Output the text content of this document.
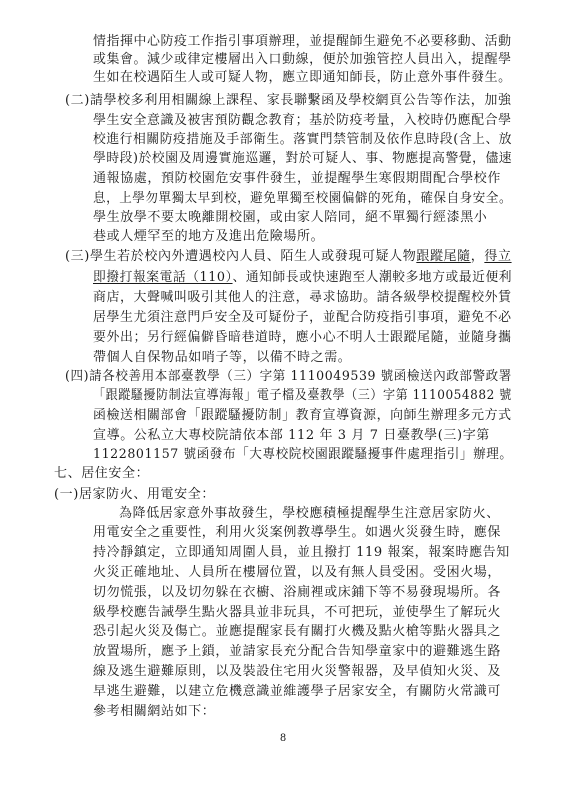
情指揮中心防疫工作指引事項辦理，並提醒師生避免不必要移動、活動
或集會。減少或律定樓層出入口動線，便於加強管控人員出入，提醒學
生如在校遇陌生人或可疑人物，應立即通知師長，防止意外事件發生。
(二)請學校多利用相關線上課程、家長聯繫函及學校網頁公告等作法，加強
學生安全意識及被害預防觀念教育；基於防疫考量，入校時仍應配合學
校進行相關防疫措施及手部衛生。落實門禁管制及依作息時段(含上、放
學時段)於校園及周邊實施巡邏，對於可疑人、事、物應提高警覺，儘速
通報協處，預防校園危安事件發生，並提醒學生寒假期間配合學校作
息，上學勿單獨太早到校，避免單獨至校園偏僻的死角，確保自身安全。
學生放學不要太晚離開校園，或由家人陪同，絕不單獨行經漆黑小
巷或人煙罕至的地方及進出危險場所。
(三)學生若於校內外遭遇校內人員、陌生人或發現可疑人物跟蹤尾隨，得立
即撥打報案電話（110）、通知師長或快速跑至人潮較多地方或最近便利
商店，大聲喊叫吸引其他人的注意，尋求協助。請各級學校提醒校外賃
居學生尤須注意門戶安全及可疑份子，並配合防疫指引事項，避免不必
要外出；另行經偏僻昏暗巷道時，應小心不明人士跟蹤尾隨，並隨身攜
帶個人自保物品如哨子等，以備不時之需。
(四)請各校善用本部臺教學（三）字第 1110049539 號函檢送內政部警政署
「跟蹤騷擾防制法宣導海報」電子檔及臺教學（三）字第 1110054882 號
函檢送相關部會「跟蹤騷擾防制」教育宣導資源，向師生辦理多元方式
宣導。公私立大專校院請依本部 112 年 3 月 7 日臺教學(三)字第
1122801157 號函發布「大專校院校園跟蹤騷擾事件處理指引」辦理。
七、居住安全：
(一)居家防火、用電安全：
為降低居家意外事故發生，學校應積極提醒學生注意居家防火、
用電安全之重要性，利用火災案例教導學生。如遇火災發生時，應保
持冷靜鎮定，立即通知周圍人員，並且撥打 119 報案，報案時應告知
火災正確地址、人員所在樓層位置，以及有無人員受困。受困火場，
切勿慌張，以及切勿躲在衣櫥、浴廁裡或床鋪下等不易發現場所。各
級學校應告誡學生點火器具並非玩具，不可把玩，並使學生了解玩火
恐引起火災及傷亡。並應提醒家長有關打火機及點火槍等點火器具之
放置場所，應予上鎖，並請家長充分配合告知學童家中的避難逃生路
線及逃生避難原則，以及裝設住宅用火災警報器，及早偵知火災、及
早逃生避難，以建立危機意識並維護學子居家安全，有關防火常識可
參考相關網站如下：
8
